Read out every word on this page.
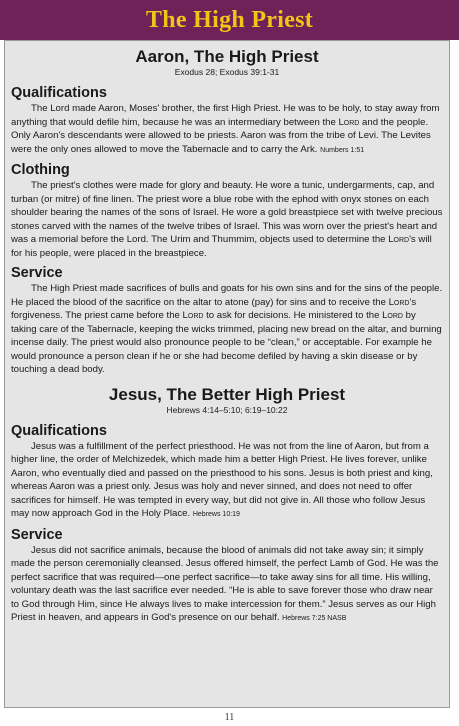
The High Priest

Aaron, The High Priest

Exodus 28; Exodus 39:1-31

Qualifications

The Lord made Aaron, Moses' brother, the first High Priest. He was to be holy, to stay away from anything that would defile him, because he was an intermediary between the Lord and the people. Only Aaron's descendants were allowed to be priests. Aaron was from the tribe of Levi. The Levites were the only ones allowed to move the Tabernacle and to carry the Ark. Numbers 1:51

Clothing

The priest's clothes were made for glory and beauty. He wore a tunic, undergarments, cap, and turban (or mitre) of fine linen. The priest wore a blue robe with the ephod with onyx stones on each shoulder bearing the names of the sons of Israel. He wore a gold breastpiece set with twelve precious stones carved with the names of the twelve tribes of Israel. This was worn over the priest's heart and was a memorial before the Lord. The Urim and Thummim, objects used to determine the Lord's will for his people, were placed in the breastpiece.

Service

The High Priest made sacrifices of bulls and goats for his own sins and for the sins of the people. He placed the blood of the sacrifice on the altar to atone (pay) for sins and to receive the Lord's forgiveness. The priest came before the Lord to ask for decisions. He ministered to the Lord by taking care of the Tabernacle, keeping the wicks trimmed, placing new bread on the altar, and burning incense daily. The priest would also pronounce people to be “clean,” or acceptable. For example he would pronounce a person clean if he or she had become defiled by having a skin disease or by touching a dead body.

Jesus, The Better High Priest

Hebrews 4:14–5:10; 6:19–10:22

Qualifications

Jesus was a fulfillment of the perfect priesthood. He was not from the line of Aaron, but from a higher line, the order of Melchizedek, which made him a better High Priest. He lives forever, unlike Aaron, who eventually died and passed on the priesthood to his sons. Jesus is both priest and king, whereas Aaron was a priest only. Jesus was holy and never sinned, and does not need to offer sacrifices for himself. He was tempted in every way, but did not give in. All those who follow Jesus may now approach God in the Holy Place. Hebrews 10:19

Service

Jesus did not sacrifice animals, because the blood of animals did not take away sin; it simply made the person ceremonially cleansed. Jesus offered himself, the perfect Lamb of God. He was the perfect sacrifice that was required—one perfect sacrifice—to take away sins for all time. His willing, voluntary death was the last sacrifice ever needed. “He is able to save forever those who draw near to God through Him, since He always lives to make intercession for them.” Jesus serves as our High Priest in heaven, and appears in God's presence on our behalf. Hebrews 7:25 NASB

11
